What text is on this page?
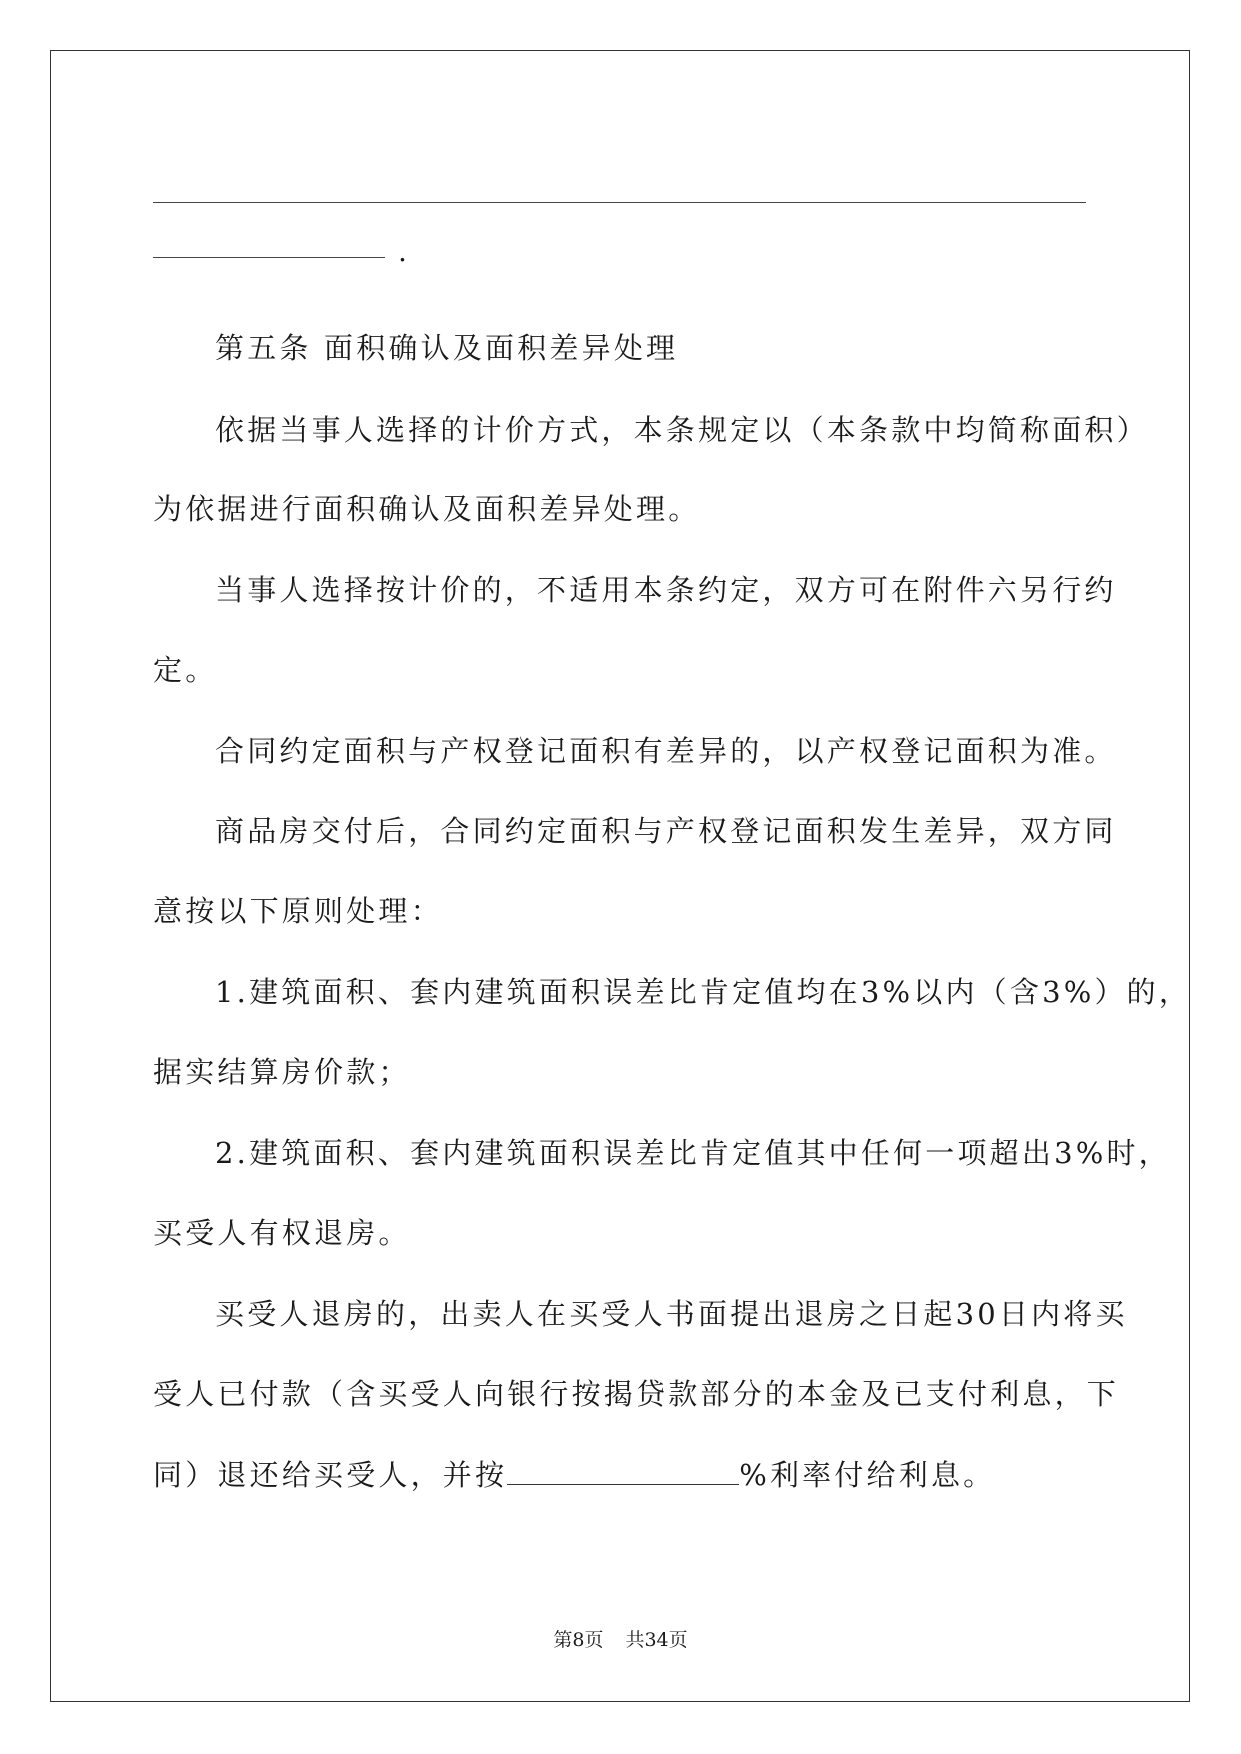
.
第五条 面积确认及面积差异处理
依据当事人选择的计价方式，本条规定以（本条款中均简称面积）
为依据进行面积确认及面积差异处理。
当事人选择按计价的，不适用本条约定，双方可在附件六另行约
定。
合同约定面积与产权登记面积有差异的，以产权登记面积为准。
商品房交付后，合同约定面积与产权登记面积发生差异，双方同
意按以下原则处理：
1.建筑面积、套内建筑面积误差比肯定值均在3%以内（含3%）的，
据实结算房价款；
2.建筑面积、套内建筑面积误差比肯定值其中任何一项超出3%时，
买受人有权退房。
买受人退房的，出卖人在买受人书面提出退房之日起30日内将买
受人已付款（含买受人向银行按揭贷款部分的本金及已支付利息，下
同）退还给买受人，并按	%利率付给利息。
第8页 共34页
